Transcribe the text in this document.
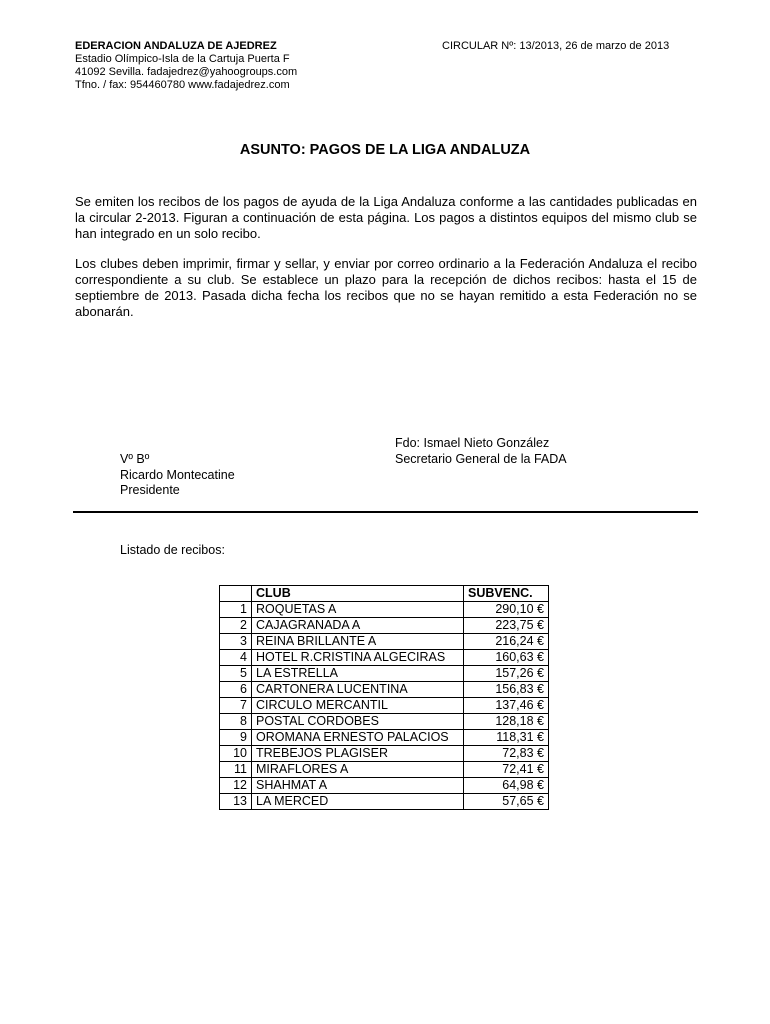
EDERACION ANDALUZA DE AJEDREZ
Estadio Olímpico-Isla de la Cartuja Puerta F
41092 Sevilla. fadajedrez@yahoogroups.com
Tfno. / fax: 954460780 www.fadajedrez.com
CIRCULAR Nº: 13/2013, 26 de marzo de 2013
ASUNTO: PAGOS DE LA LIGA ANDALUZA
Se emiten los recibos de los pagos de ayuda de la Liga Andaluza conforme a las cantidades publicadas en la circular 2-2013. Figuran a continuación de esta página. Los pagos a distintos equipos del mismo club se han integrado en un solo recibo.
Los clubes deben imprimir, firmar y sellar, y enviar por correo ordinario a la Federación Andaluza el recibo correspondiente a su club. Se establece un plazo para la recepción de dichos recibos: hasta el 15 de septiembre de 2013. Pasada dicha fecha los recibos que no se hayan remitido a esta Federación no se abonarán.
Fdo: Ismael Nieto González
Secretario General de la FADA
Vº Bº
Ricardo Montecatine
Presidente
Listado de recibos:
	CLUB	SUBVENC.
1	ROQUETAS A	290,10 €
2	CAJAGRANADA A	223,75 €
3	REINA BRILLANTE A	216,24 €
4	HOTEL R.CRISTINA ALGECIRAS	160,63 €
5	LA ESTRELLA	157,26 €
6	CARTONERA LUCENTINA	156,83 €
7	CIRCULO MERCANTIL	137,46 €
8	POSTAL CORDOBES	128,18 €
9	OROMANA ERNESTO PALACIOS	118,31 €
10	TREBEJOS PLAGISER	72,83 €
11	MIRAFLORES A	72,41 €
12	SHAHMAT A	64,98 €
13	LA MERCED	57,65 €
